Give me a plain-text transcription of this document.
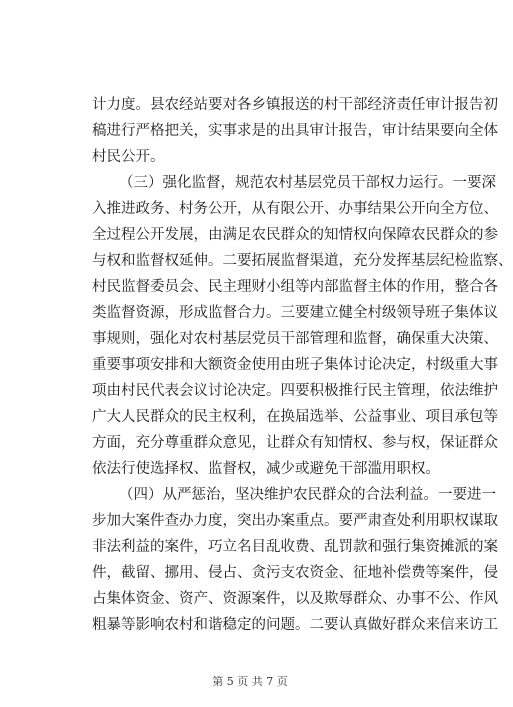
计力度。县农经站要对各乡镇报送的村干部经济责任审计报告初
稿进行严格把关，实事求是的出具审计报告，审计结果要向全体
村民公开。
（三）强化监督，规范农村基层党员干部权力运行。一要深
入推进政务、村务公开，从有限公开、办事结果公开向全方位、
全过程公开发展，由满足农民群众的知情权向保障农民群众的参
与权和监督权延伸。二要拓展监督渠道，充分发挥基层纪检监察、
村民监督委员会、民主理财小组等内部监督主体的作用，整合各
类监督资源，形成监督合力。三要建立健全村级领导班子集体议
事规则，强化对农村基层党员干部管理和监督，确保重大决策、
重要事项安排和大额资金使用由班子集体讨论决定，村级重大事
项由村民代表会议讨论决定。四要积极推行民主管理，依法维护
广大人民群众的民主权利，在换届选举、公益事业、项目承包等
方面，充分尊重群众意见，让群众有知情权、参与权，保证群众
依法行使选择权、监督权，减少或避免干部滥用职权。
（四）从严惩治，坚决维护农民群众的合法利益。一要进一
步加大案件查办力度，突出办案重点。要严肃查处利用职权谋取
非法利益的案件，巧立名目乱收费、乱罚款和强行集资摊派的案
件，截留、挪用、侵占、贪污支农资金、征地补偿费等案件，侵
占集体资金、资产、资源案件，以及欺辱群众、办事不公、作风
粗暴等影响农村和谐稳定的问题。二要认真做好群众来信来访工
第 5 页 共 7 页
